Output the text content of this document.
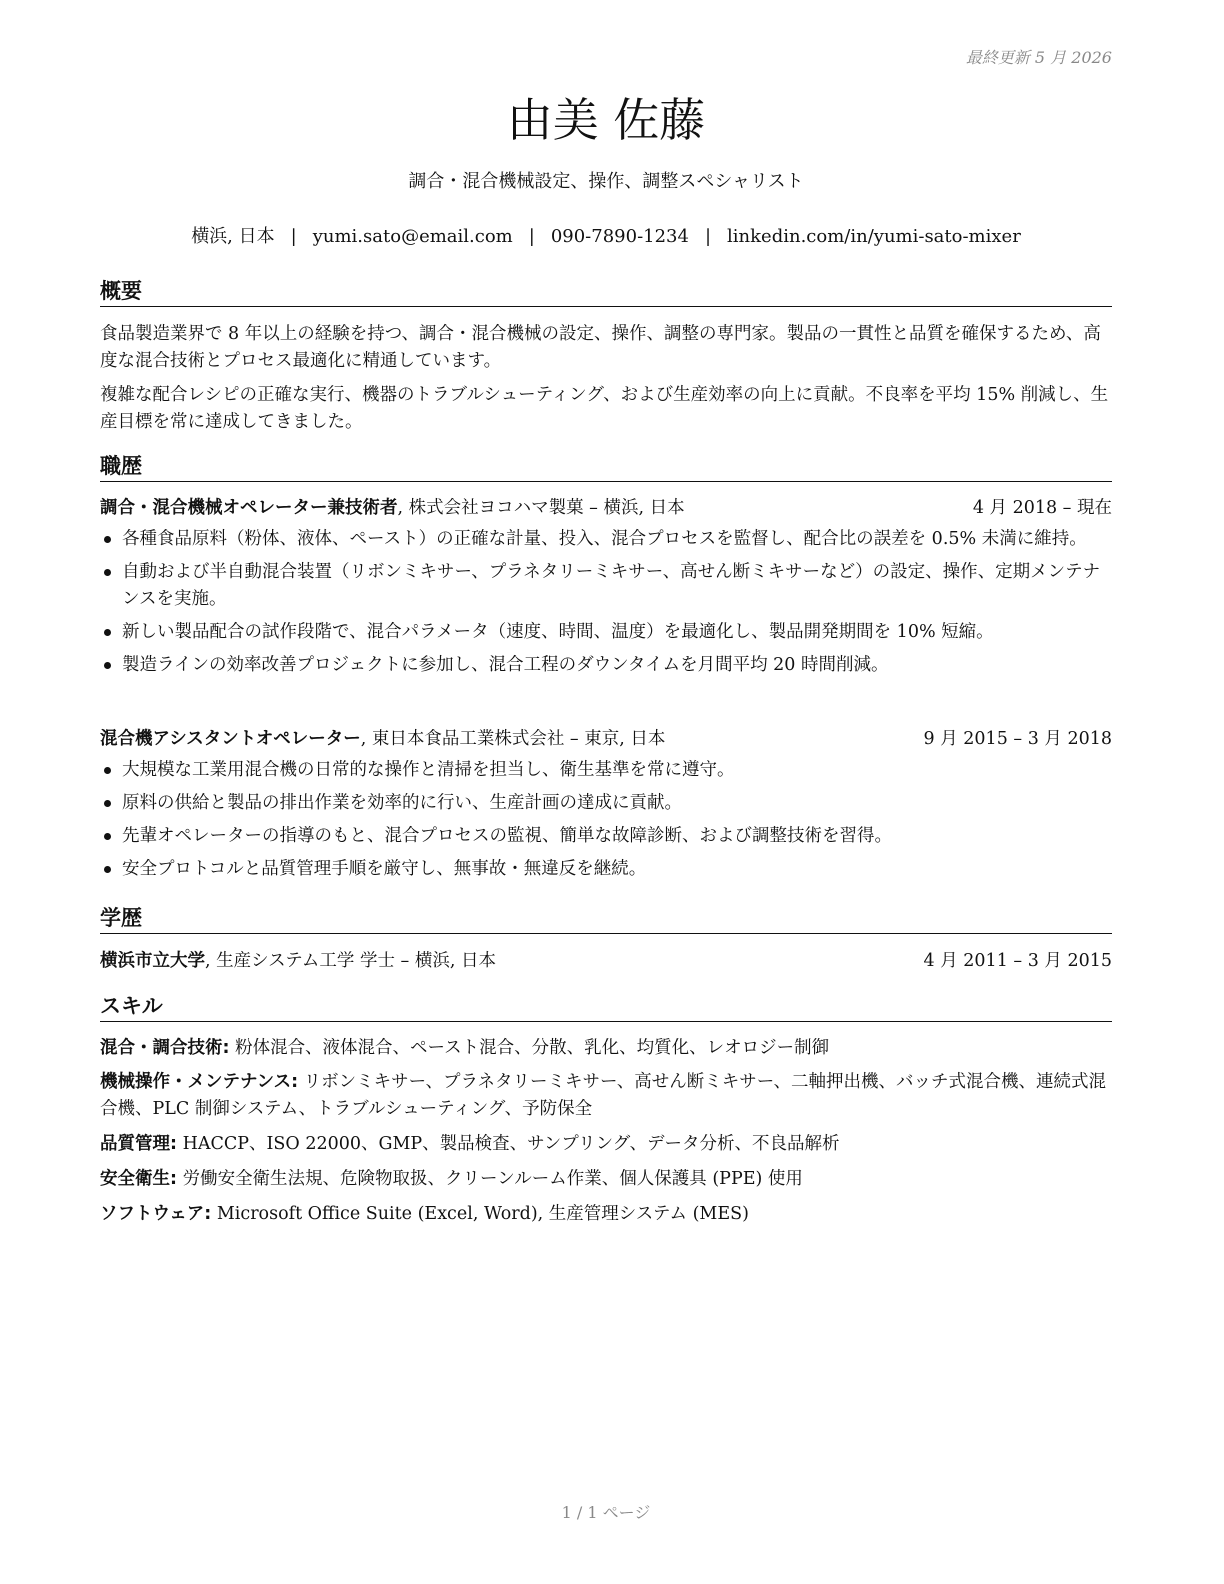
最終更新 5 月 2026
由美 佐藤
調合・混合機械設定、操作、調整スペシャリスト
横浜, 日本 | yumi.sato@email.com | 090-7890-1234 | linkedin.com/in/yumi-sato-mixer
概要

食品製造業界で 8 年以上の経験を持つ、調合・混合機械の設定、操作、調整の専門家。製品の一貫性と品質を確保するため、高度な混合技術とプロセス最適化に精通しています。

複雑な配合レシピの正確な実行、機器のトラブルシューティング、および生産効率の向上に貢献。不良率を平均 15% 削減し、生産目標を常に達成してきました。

職歴
調合・混合機械オペレーター兼技術者, 株式会社ヨコハマ製菓 – 横浜, 日本	4 月 2018 – 現在
各種食品原料（粉体、液体、ペースト）の正確な計量、投入、混合プロセスを監督し、配合比の誤差を 0.5% 未満に維持。
自動および半自動混合装置（リボンミキサー、プラネタリーミキサー、高せん断ミキサーなど）の設定、操作、定期メンテナンスを実施。
新しい製品配合の試作段階で、混合パラメータ（速度、時間、温度）を最適化し、製品開発期間を 10% 短縮。
製造ラインの効率改善プロジェクトに参加し、混合工程のダウンタイムを月間平均 20 時間削減。
混合機アシスタントオペレーター, 東日本食品工業株式会社 – 東京, 日本	9 月 2015 – 3 月 2018
大規模な工業用混合機の日常的な操作と清掃を担当し、衛生基準を常に遵守。
原料の供給と製品の排出作業を効率的に行い、生産計画の達成に貢献。
先輩オペレーターの指導のもと、混合プロセスの監視、簡単な故障診断、および調整技術を習得。
安全プロトコルと品質管理手順を厳守し、無事故・無違反を継続。
学歴
横浜市立大学, 生産システム工学 学士 – 横浜, 日本	4 月 2011 – 3 月 2015
スキル

混合・調合技術: 粉体混合、液体混合、ペースト混合、分散、乳化、均質化、レオロジー制御

機械操作・メンテナンス: リボンミキサー、プラネタリーミキサー、高せん断ミキサー、二軸押出機、バッチ式混合機、連続式混合機、PLC 制御システム、トラブルシューティング、予防保全

品質管理: HACCP、ISO 22000、GMP、製品検査、サンプリング、データ分析、不良品解析

安全衛生: 労働安全衛生法規、危険物取扱、クリーンルーム作業、個人保護具 (PPE) 使用

ソフトウェア: Microsoft Office Suite (Excel, Word), 生産管理システム (MES)

1 / 1 ページ
